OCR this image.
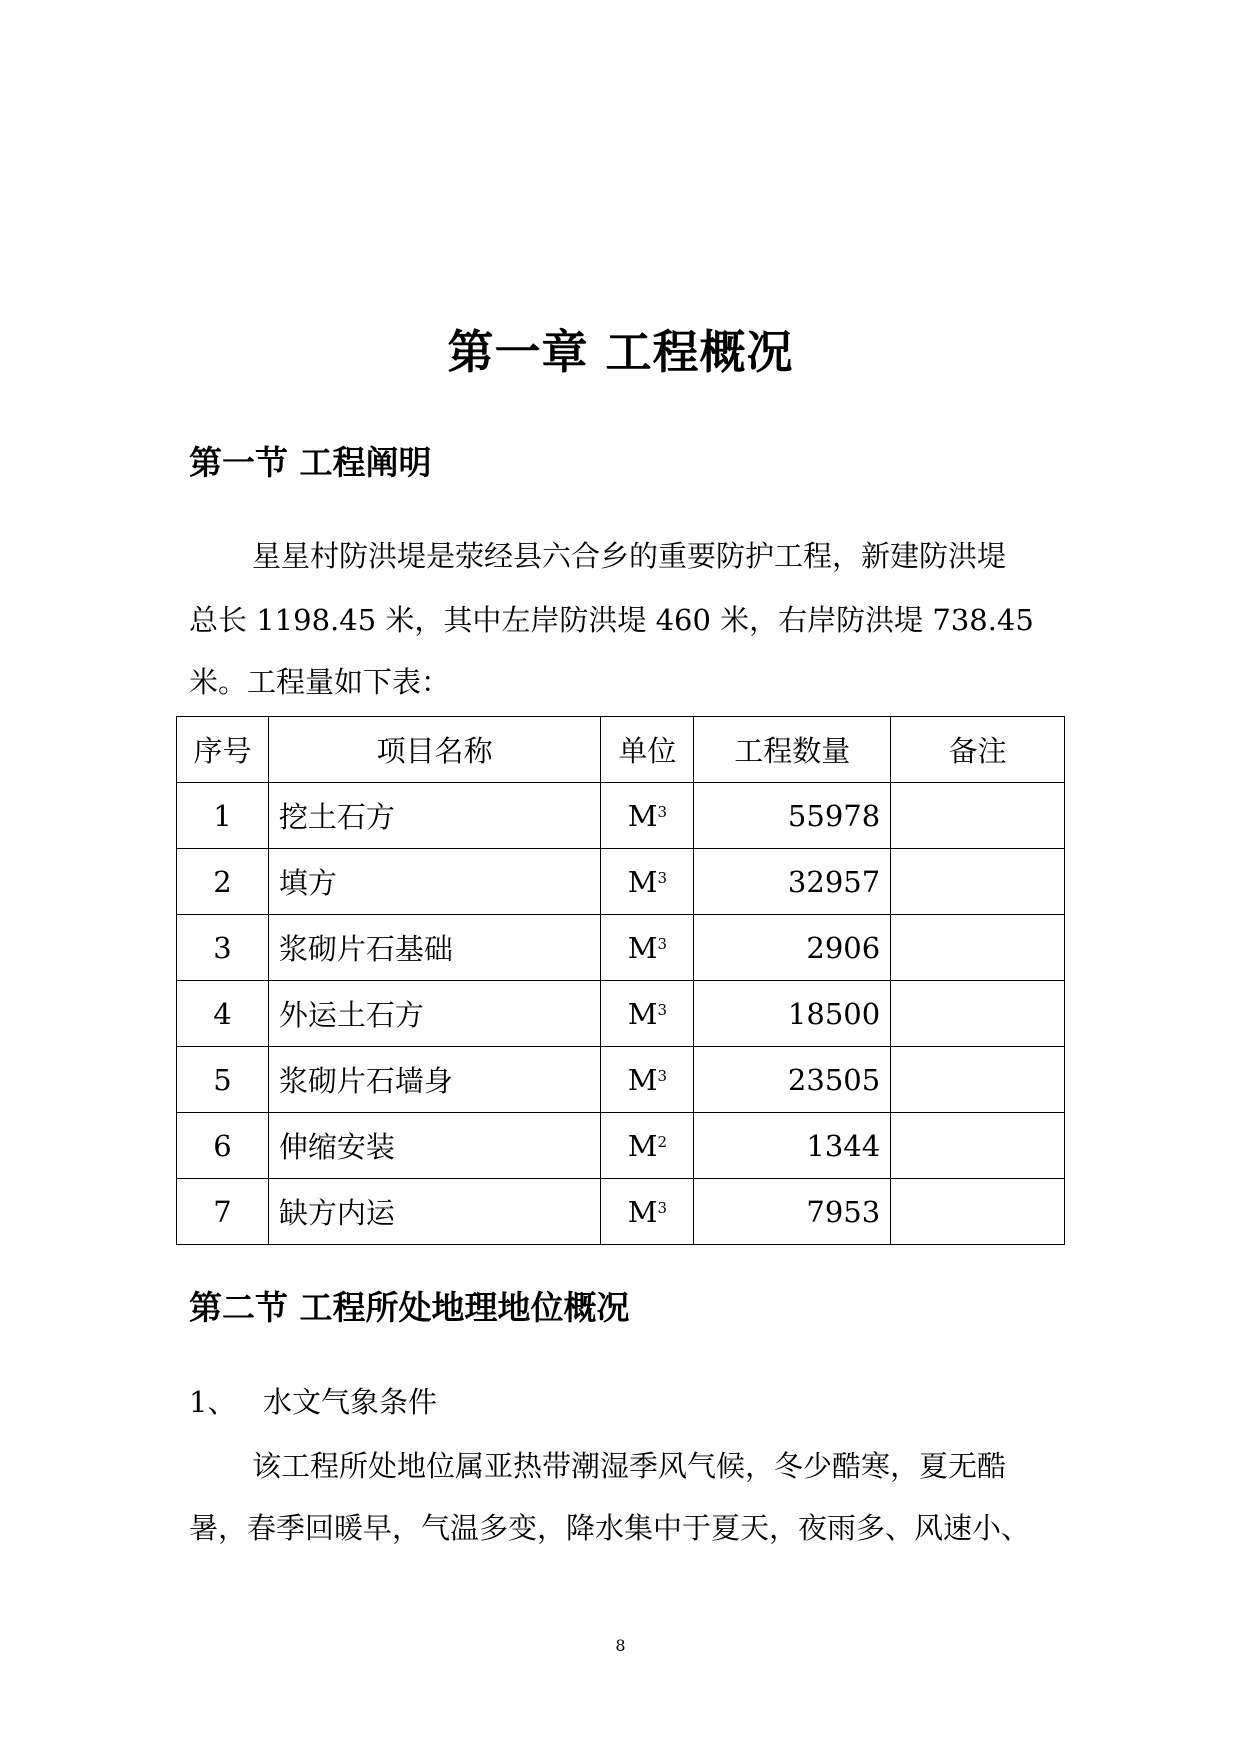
第一章 工程概况
第一节 工程阐明
星星村防洪堤是荥经县六合乡的重要防护工程，新建防洪堤
总长 1198.45 米，其中左岸防洪堤 460 米，右岸防洪堤 738.45
米。工程量如下表：
序号	项目名称	单位	工程数量	备注
1	挖土石方	$M^3$	55978	
2	填方	$M^3$	32957	
3	浆砌片石基础	$M^3$	2906	
4	外运土石方	$M^3$	18500	
5	浆砌片石墙身	$M^3$	23505	
6	伸缩安装	$M^2$	1344	
7	缺方内运	$M^3$	7953	
第二节 工程所处地理地位概况
1、 水文气象条件
该工程所处地位属亚热带潮湿季风气候，冬少酷寒，夏无酷
暑，春季回暖早，气温多变，降水集中于夏天，夜雨多、风速小、
8
